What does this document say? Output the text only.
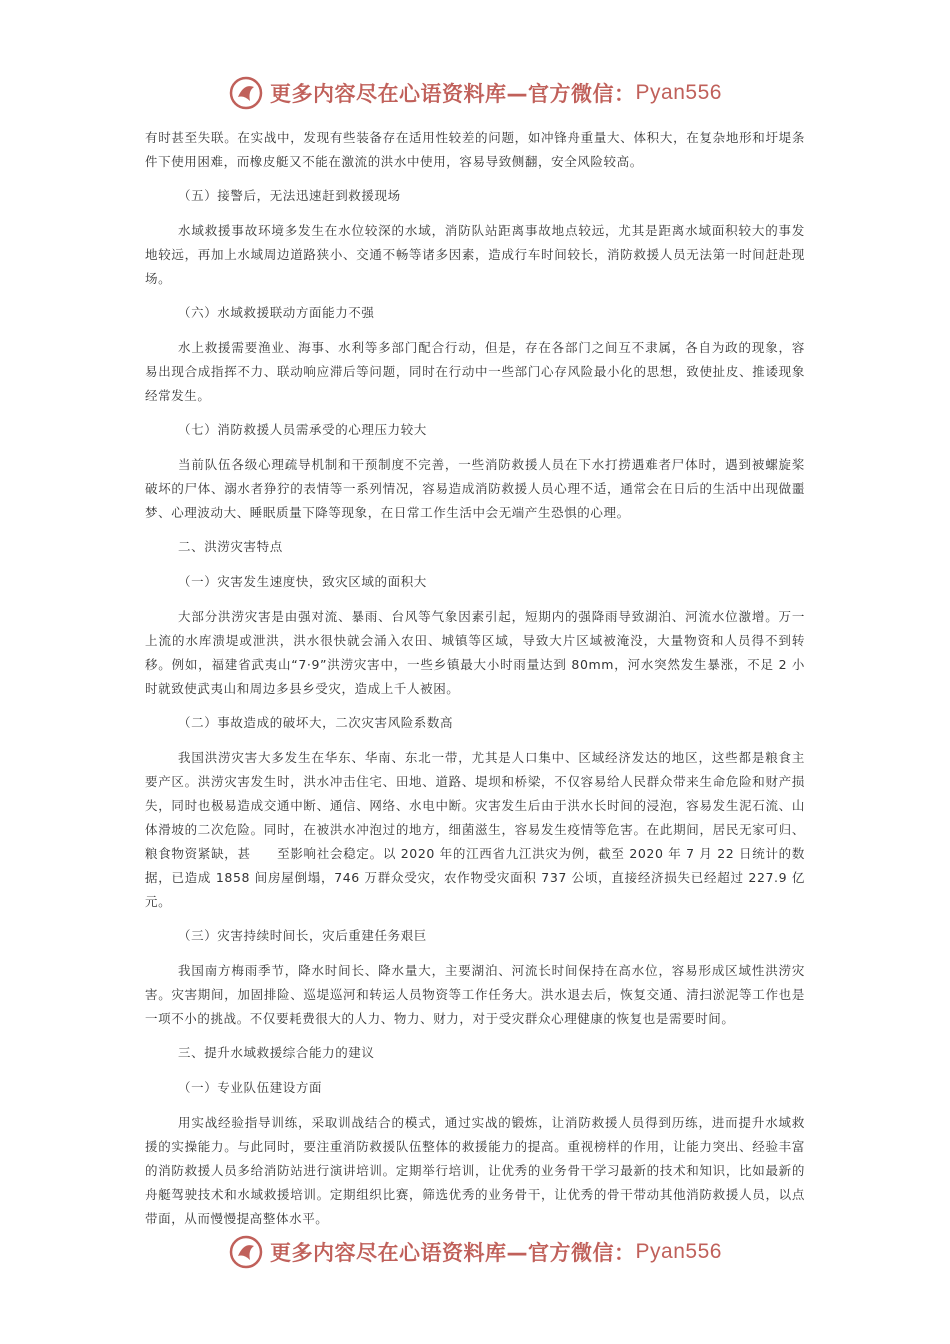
更多内容尽在心语资料库—官方微信： Pyan556

有时甚至失联。在实战中，发现有些装备存在适用性较差的问题，如冲锋舟重量大、体积大，在复杂地形和圩堤条件下使用困难，而橡皮艇又不能在激流的洪水中使用，容易导致侧翻，安全风险较高。

（五）接警后，无法迅速赶到救援现场

水域救援事故环境多发生在水位较深的水域，消防队站距离事故地点较远，尤其是距离水域面积较大的事发地较远，再加上水域周边道路狭小、交通不畅等诸多因素，造成行车时间较长，消防救援人员无法第一时间赶赴现场。

（六）水域救援联动方面能力不强

水上救援需要渔业、海事、水利等多部门配合行动，但是，存在各部门之间互不隶属，各自为政的现象，容易出现合成指挥不力、联动响应滞后等问题，同时在行动中一些部门心存风险最小化的思想，致使扯皮、推诿现象经常发生。

（七）消防救援人员需承受的心理压力较大

当前队伍各级心理疏导机制和干预制度不完善，一些消防救援人员在下水打捞遇难者尸体时，遇到被螺旋桨破坏的尸体、溺水者狰狞的表情等一系列情况，容易造成消防救援人员心理不适，通常会在日后的生活中出现做噩梦、心理波动大、睡眠质量下降等现象，在日常工作生活中会无端产生恐惧的心理。

二、洪涝灾害特点

（一）灾害发生速度快，致灾区域的面积大

大部分洪涝灾害是由强对流、暴雨、台风等气象因素引起，短期内的强降雨导致湖泊、河流水位激增。万一上流的水库溃堤或泄洪，洪水很快就会涌入农田、城镇等区域，导致大片区域被淹没，大量物资和人员得不到转移。例如，福建省武夷山“7·9”洪涝灾害中，一些乡镇最大小时雨量达到 80mm，河水突然发生暴涨，不足 2 小时就致使武夷山和周边多县乡受灾，造成上千人被困。

（二）事故造成的破坏大，二次灾害风险系数高

我国洪涝灾害大多发生在华东、华南、东北一带，尤其是人口集中、区域经济发达的地区，这些都是粮食主要产区。洪涝灾害发生时，洪水冲击住宅、田地、道路、堤坝和桥梁，不仅容易给人民群众带来生命危险和财产损失，同时也极易造成交通中断、通信、网络、水电中断。灾害发生后由于洪水长时间的浸泡，容易发生泥石流、山体滑坡的二次危险。同时，在被洪水冲泡过的地方，细菌滋生，容易发生疫情等危害。在此期间，居民无家可归、粮食物资紧缺，甚　　至影响社会稳定。以 2020 年的江西省九江洪灾为例，截至 2020 年 7 月 22 日统计的数据，已造成 1858 间房屋倒塌，746 万群众受灾，农作物受灾面积 737 公顷，直接经济损失已经超过 227.9 亿元。

（三）灾害持续时间长，灾后重建任务艰巨

我国南方梅雨季节，降水时间长、降水量大，主要湖泊、河流长时间保持在高水位，容易形成区域性洪涝灾害。灾害期间，加固排险、巡堤巡河和转运人员物资等工作任务大。洪水退去后，恢复交通、清扫淤泥等工作也是一项不小的挑战。不仅要耗费很大的人力、物力、财力，对于受灾群众心理健康的恢复也是需要时间。

三、提升水域救援综合能力的建议

（一）专业队伍建设方面

用实战经验指导训练，采取训战结合的模式，通过实战的锻炼，让消防救援人员得到历练，进而提升水域救援的实操能力。与此同时，要注重消防救援队伍整体的救援能力的提高。重视榜样的作用，让能力突出、经验丰富的消防救援人员多给消防站进行演讲培训。定期举行培训，让优秀的业务骨干学习最新的技术和知识，比如最新的舟艇驾驶技术和水域救援培训。定期组织比赛，筛选优秀的业务骨干，让优秀的骨干带动其他消防救援人员，以点带面，从而慢慢提高整体水平。

更多内容尽在心语资料库—官方微信： Pyan556
